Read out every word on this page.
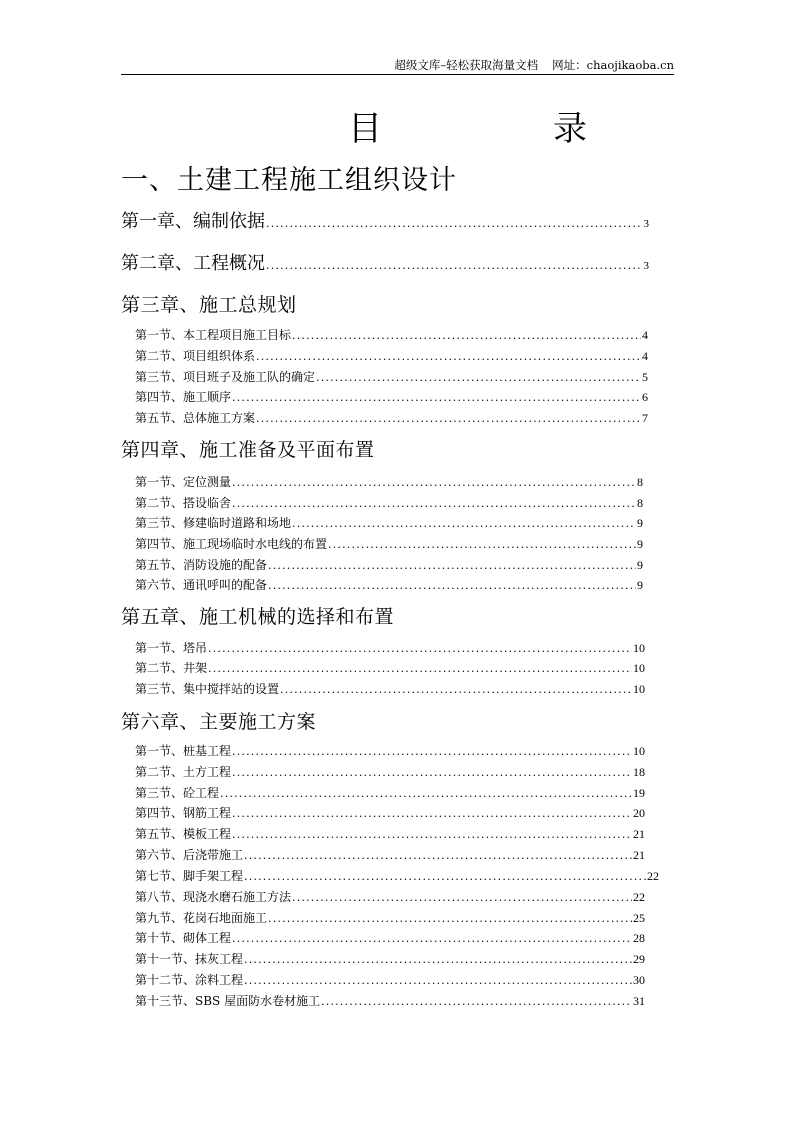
超级文库–轻松获取海量文档 网址：chaojikaoba.cn
目	录
一、土建工程施工组织设计
第一章、编制依据 .....	3
第二章、工程概况 .....	3
第三章、施工总规划
第一节、本工程项目施工目标 .....	4
第二节、项目组织体系 .....	4
第三节、项目班子及施工队的确定 .....	5
第四节、施工顺序 .....	6
第五节、总体施工方案 .....	7
第四章、施工准备及平面布置
第一节、定位测量 .....	8
第二节、搭设临舍 .....	8
第三节、修建临时道路和场地 .....	9
第四节、施工现场临时水电线的布置 .....	9
第五节、消防设施的配备 .....	9
第六节、通讯呼叫的配备 .....	9
第五章、施工机械的选择和布置
第一节、塔吊 .....	10
第二节、井架 .....	10
第三节、集中搅拌站的设置 .....	10
第六章、主要施工方案
第一节、桩基工程 .....	10
第二节、土方工程 .....	18
第三节、砼工程 .....	19
第四节、钢筋工程 .....	20
第五节、模板工程 .....	21
第六节、后浇带施工 .....	21
第七节、脚手架工程 .....	22
第八节、现浇水磨石施工方法 .....	22
第九节、花岗石地面施工 .....	25
第十节、砌体工程 .....	28
第十一节、抹灰工程 .....	29
第十二节、涂料工程 .....	30
第十三节、SBS 屋面防水卷材施工 .....	31
